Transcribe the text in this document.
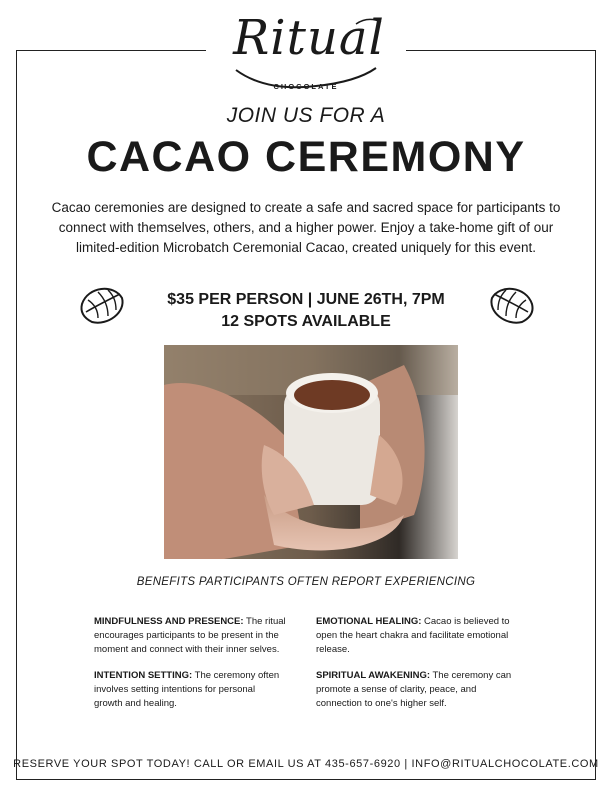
Ritual
CHOCOLATE
JOIN US FOR A
CACAO CEREMONY
Cacao ceremonies are designed to create a safe and sacred space for participants to connect with themselves, others, and a higher power. Enjoy a take-home gift of our limited-edition Microbatch Ceremonial Cacao, created uniquely for this event.
$35 PER PERSON | JUNE 26TH, 7PM
12 SPOTS AVAILABLE
BENEFITS PARTICIPANTS OFTEN REPORT EXPERIENCING

MINDFULNESS AND PRESENCE: The ritual encourages participants to be present in the moment and connect with their inner selves.

INTENTION SETTING: The ceremony often involves setting intentions for personal growth and healing.

EMOTIONAL HEALING: Cacao is believed to open the heart chakra and facilitate emotional release.

SPIRITUAL AWAKENING: The ceremony can promote a sense of clarity, peace, and connection to one's higher self.

RESERVE YOUR SPOT TODAY! CALL OR EMAIL US AT 435-657-6920 | INFO@RITUALCHOCOLATE.COM
